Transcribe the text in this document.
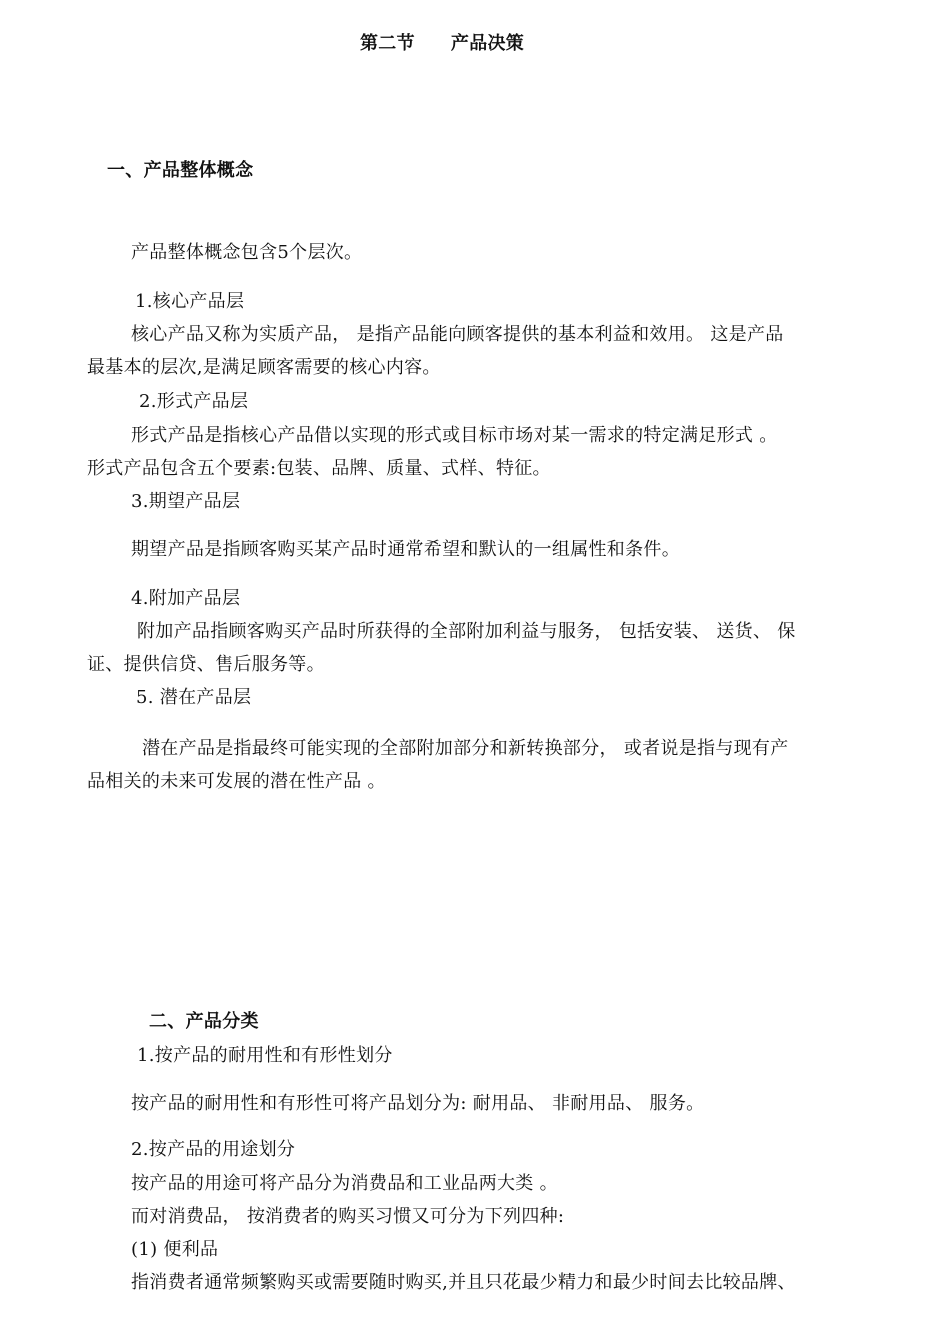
第二节 产品决策
一、产品整体概念
产品整体概念包含5个层次。
1.核心产品层
核心产品又称为实质产品， 是指产品能向顾客提供的基本利益和效用。 这是产品
最基本的层次,是满足顾客需要的核心内容。
2.形式产品层
形式产品是指核心产品借以实现的形式或目标市场对某一需求的特定满足形式 。
形式产品包含五个要素:包装、品牌、质量、式样、特征。
3.期望产品层
期望产品是指顾客购买某产品时通常希望和默认的一组属性和条件。
4.附加产品层
附加产品指顾客购买产品时所获得的全部附加利益与服务， 包括安装、 送货、 保
证、提供信贷、售后服务等。
5. 潜在产品层
潜在产品是指最终可能实现的全部附加部分和新转换部分， 或者说是指与现有产
品相关的未来可发展的潜在性产品 。
二、产品分类
1.按产品的耐用性和有形性划分
按产品的耐用性和有形性可将产品划分为: 耐用品、 非耐用品、 服务。
2.按产品的用途划分
按产品的用途可将产品分为消费品和工业品两大类 。
而对消费品， 按消费者的购买习惯又可分为下列四种:
(1) 便利品
指消费者通常频繁购买或需要随时购买,并且只花最少精力和最少时间去比较品牌、
